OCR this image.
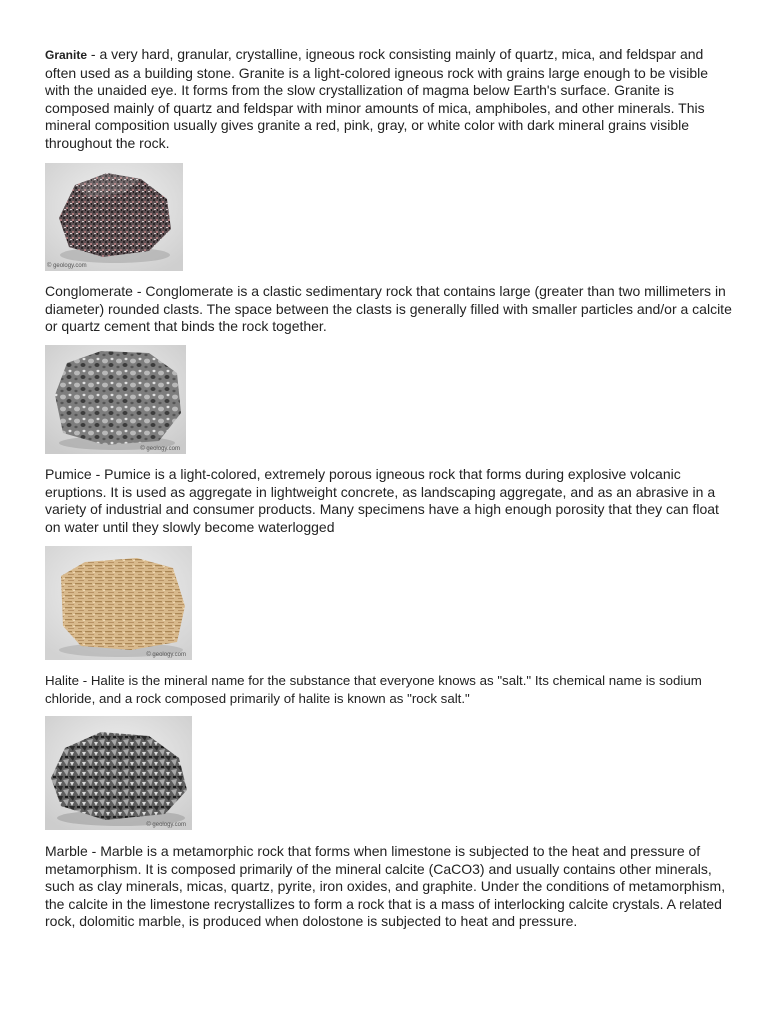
Granite - a very hard, granular, crystalline, igneous rock consisting mainly of quartz, mica, and feldspar and often used as a building stone. Granite is a light-colored igneous rock with grains large enough to be visible with the unaided eye. It forms from the slow crystallization of magma below Earth's surface. Granite is composed mainly of quartz and feldspar with minor amounts of mica, amphiboles, and other minerals. This mineral composition usually gives granite a red, pink, gray, or white color with dark mineral grains visible throughout the rock.

© geology.com

Conglomerate - Conglomerate is a clastic sedimentary rock that contains large (greater than two millimeters in diameter) rounded clasts. The space between the clasts is generally filled with smaller particles and/or a calcite or quartz cement that binds the rock together.

© geology.com

Pumice - Pumice is a light-colored, extremely porous igneous rock that forms during explosive volcanic eruptions. It is used as aggregate in lightweight concrete, as landscaping aggregate, and as an abrasive in a variety of industrial and consumer products. Many specimens have a high enough porosity that they can float on water until they slowly become waterlogged

© geology.com

Halite - Halite is the mineral name for the substance that everyone knows as "salt." Its chemical name is sodium chloride, and a rock composed primarily of halite is known as "rock salt."

© geology.com

Marble - Marble is a metamorphic rock that forms when limestone is subjected to the heat and pressure of metamorphism. It is composed primarily of the mineral calcite (CaCO3) and usually contains other minerals, such as clay minerals, micas, quartz, pyrite, iron oxides, and graphite. Under the conditions of metamorphism, the calcite in the limestone recrystallizes to form a rock that is a mass of interlocking calcite crystals. A related rock, dolomitic marble, is produced when dolostone is subjected to heat and pressure.
